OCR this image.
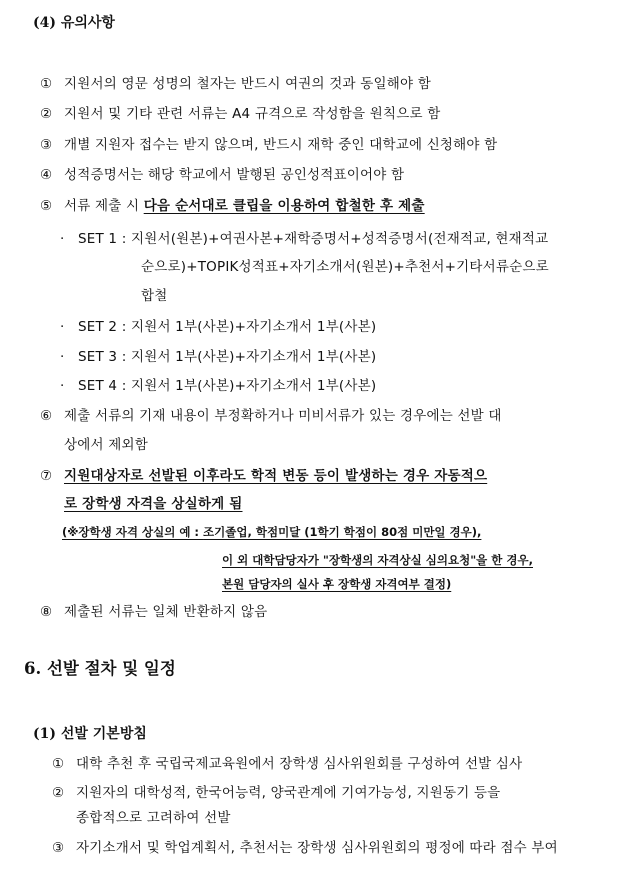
(4) 유의사항
① 지원서의 영문 성명의 철자는 반드시 여권의 것과 동일해야 함
② 지원서 및 기타 관련 서류는 A4 규격으로 작성함을 원칙으로 함
③ 개별 지원자 접수는 받지 않으며, 반드시 재학 중인 대학교에 신청해야 함
④ 성적증명서는 해당 학교에서 발행된 공인성적표이어야 함
⑤ 서류 제출 시 다음 순서대로 클립을 이용하여 합철한 후 제출
· SET 1 : 지원서(원본)+여권사본+재학증명서+성적증명서(전재적교, 현재적교
순으로)+TOPIK성적표+자기소개서(원본)+추천서+기타서류순으로
합철
· SET 2 : 지원서 1부(사본)+자기소개서 1부(사본)
· SET 3 : 지원서 1부(사본)+자기소개서 1부(사본)
· SET 4 : 지원서 1부(사본)+자기소개서 1부(사본)
⑥ 제출 서류의 기재 내용이 부정확하거나 미비서류가 있는 경우에는 선발 대
상에서 제외함
⑦ 지원대상자로 선발된 이후라도 학적 변동 등이 발생하는 경우 자동적으
로 장학생 자격을 상실하게 됨
(※장학생 자격 상실의 예 : 조기졸업, 학점미달 (1학기 학점이 80점 미만일 경우),
이 외 대학담당자가 "장학생의 자격상실 심의요청"을 한 경우,
본원 담당자의 실사 후 장학생 자격여부 결정)
⑧ 제출된 서류는 일체 반환하지 않음
6. 선발 절차 및 일정
(1) 선발 기본방침
① 대학 추천 후 국립국제교육원에서 장학생 심사위원회를 구성하여 선발 심사
② 지원자의 대학성적, 한국어능력, 양국관계에 기여가능성, 지원동기 등을
종합적으로 고려하여 선발
③ 자기소개서 및 학업계획서, 추천서는 장학생 심사위원회의 평정에 따라 점수 부여
